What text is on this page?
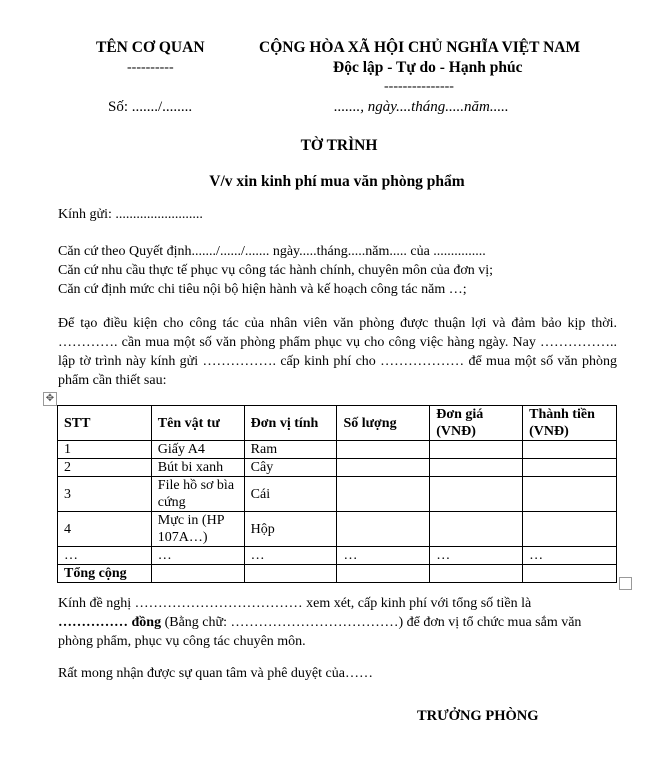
TÊN CƠ QUAN
----------
Số: ......./........
CỘNG HÒA XÃ HỘI CHỦ NGHĨA VIỆT NAM
Độc lập - Tự do - Hạnh phúc
---------------
......., ngày....tháng.....năm.....
TỜ TRÌNH
V/v xin kinh phí mua văn phòng phẩm
Kính gửi: .........................
Căn cứ theo Quyết định......./....../....... ngày.....tháng.....năm..... của ...............
Căn cứ nhu cầu thực tế phục vụ công tác hành chính, chuyên môn của đơn vị;
Căn cứ định mức chi tiêu nội bộ hiện hành và kế hoạch công tác năm …;
Để tạo điều kiện cho công tác của nhân viên văn phòng được thuận lợi và đảm bảo kịp thời.
…………. cần mua một số văn phòng phẩm phục vụ cho công việc hàng ngày. Nay ……………..
lập tờ trình này kính gửi ……………. cấp kinh phí cho ……………… để mua một số văn phòng
phẩm cần thiết sau:
✥
STT	Tên vật tư	Đơn vị tính	Số lượng	Đơn giá (VNĐ)	Thành tiền (VNĐ)
1	Giấy A4	Ram			
2	Bút bi xanh	Cây			
3	File hồ sơ bìa cứng	Cái			
4	Mực in (HP 107A…)	Hộp			
…	…	…	…	…	…
Tổng cộng					
Kính đề nghị ……………………………… xem xét, cấp kinh phí với tổng số tiền là
…………… đồng (Bằng chữ: ………………………………) để đơn vị tổ chức mua sắm văn
phòng phẩm, phục vụ công tác chuyên môn.
Rất mong nhận được sự quan tâm và phê duyệt của……
TRƯỞNG PHÒNG
